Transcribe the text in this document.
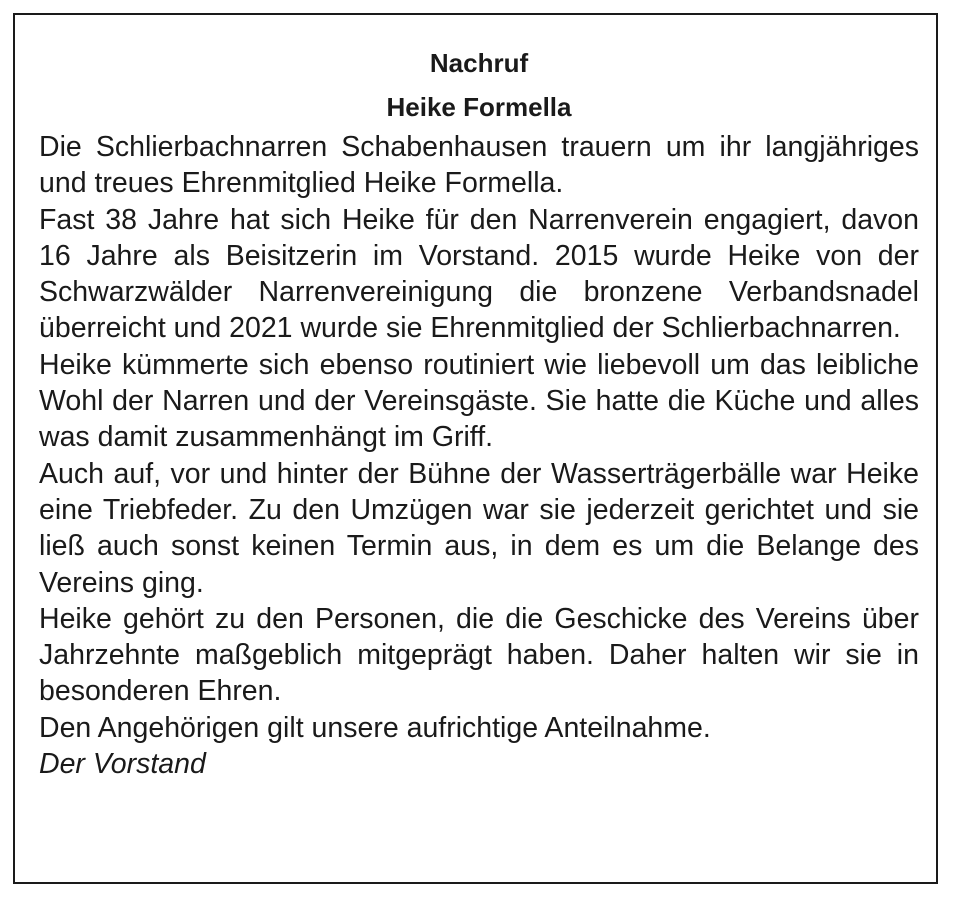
Nachruf
Heike Formella
Die Schlierbachnarren Schabenhausen trauern um ihr langjähriges und treues Ehrenmitglied Heike Formella.
Fast 38 Jahre hat sich Heike für den Narrenverein engagiert, davon 16 Jahre als Beisitzerin im Vorstand. 2015 wurde Heike von der Schwarzwälder Narrenvereinigung die bronzene Verbandsnadel überreicht und 2021 wurde sie Ehrenmitglied der Schlierbachnarren.
Heike kümmerte sich ebenso routiniert wie liebevoll um das leibliche Wohl der Narren und der Vereinsgäste. Sie hatte die Küche und alles was damit zusammenhängt im Griff.
Auch auf, vor und hinter der Bühne der Wasserträgerbälle war Heike eine Triebfeder. Zu den Umzügen war sie jederzeit gerichtet und sie ließ auch sonst keinen Termin aus, in dem es um die Belange des Vereins ging.
Heike gehört zu den Personen, die die Geschicke des Vereins über Jahrzehnte maßgeblich mitgeprägt haben. Daher halten wir sie in besonderen Ehren.
Den Angehörigen gilt unsere aufrichtige Anteilnahme.
Der Vorstand
